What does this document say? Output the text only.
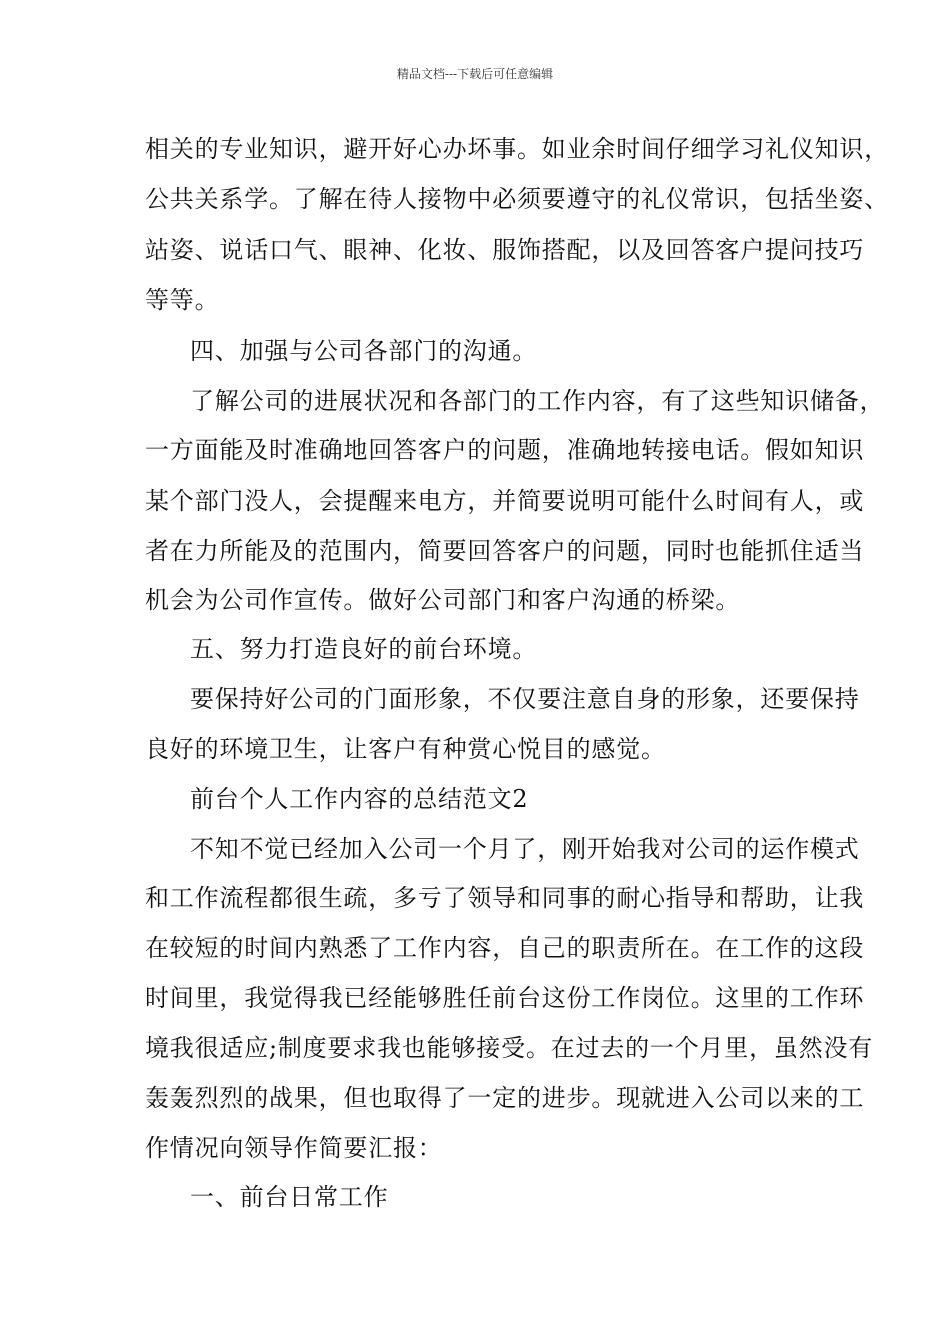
精品文档---下载后可任意编辑
相关的专业知识，避开好心办坏事。如业余时间仔细学习礼仪知识，
公共关系学。了解在待人接物中必须要遵守的礼仪常识，包括坐姿、
站姿、说话口气、眼神、化妆、服饰搭配，以及回答客户提问技巧
等等。
四、加强与公司各部门的沟通。
了解公司的进展状况和各部门的工作内容，有了这些知识储备，
一方面能及时准确地回答客户的问题，准确地转接电话。假如知识
某个部门没人，会提醒来电方，并简要说明可能什么时间有人，或
者在力所能及的范围内，简要回答客户的问题，同时也能抓住适当
机会为公司作宣传。做好公司部门和客户沟通的桥梁。
五、努力打造良好的前台环境。
要保持好公司的门面形象，不仅要注意自身的形象，还要保持
良好的环境卫生，让客户有种赏心悦目的感觉。
前台个人工作内容的总结范文2
不知不觉已经加入公司一个月了，刚开始我对公司的运作模式
和工作流程都很生疏，多亏了领导和同事的耐心指导和帮助，让我
在较短的时间内熟悉了工作内容，自己的职责所在。在工作的这段
时间里，我觉得我已经能够胜任前台这份工作岗位。这里的工作环
境我很适应;制度要求我也能够接受。在过去的一个月里，虽然没有
轰轰烈烈的战果，但也取得了一定的进步。现就进入公司以来的工
作情况向领导作简要汇报：
一、前台日常工作
